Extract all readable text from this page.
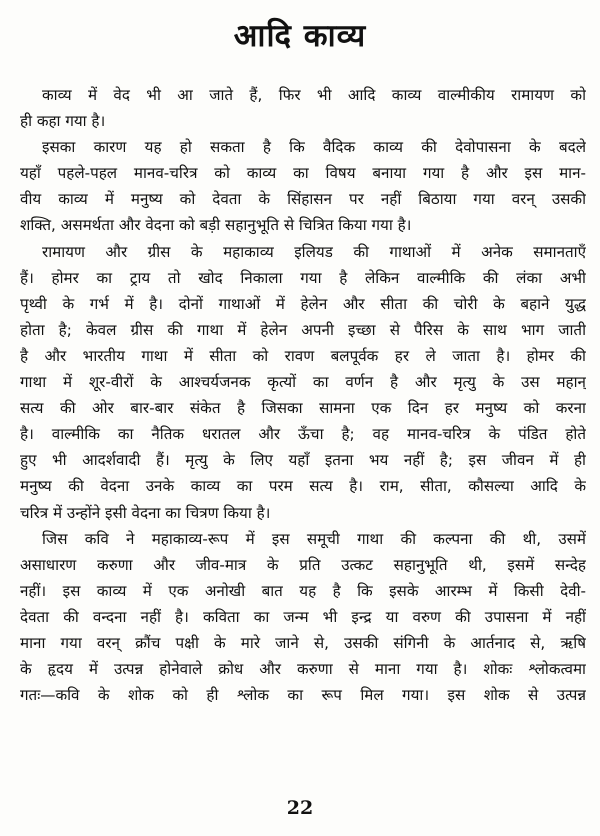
आदि काव्य
काव्य में वेद भी आ जाते हैं, फिर भी आदि काव्य वाल्मीकीय रामायण को
ही कहा गया है।
इसका कारण यह हो सकता है कि वैदिक काव्य की देवोपासना के बदले
यहाँ पहले-पहल मानव-चरित्र को काव्य का विषय बनाया गया है और इस मान-
वीय काव्य में मनुष्य को देवता के सिंहासन पर नहीं बिठाया गया वरन् उसकी
शक्ति, असमर्थता और वेदना को बड़ी सहानुभूति से चित्रित किया गया है।
रामायण और ग्रीस के महाकाव्य इलियड की गाथाओं में अनेक समानताएँ
हैं। होमर का ट्राय तो खोद निकाला गया है लेकिन वाल्मीकि की लंका अभी
पृथ्वी के गर्भ में है। दोनों गाथाओं में हेलेन और सीता की चोरी के बहाने युद्ध
होता है; केवल ग्रीस की गाथा में हेलेन अपनी इच्छा से पैरिस के साथ भाग जाती
है और भारतीय गाथा में सीता को रावण बलपूर्वक हर ले जाता है। होमर की
गाथा में शूर-वीरों के आश्चर्यजनक कृत्यों का वर्णन है और मृत्यु के उस महान्
सत्य की ओर बार-बार संकेत है जिसका सामना एक दिन हर मनुष्य को करना
है। वाल्मीकि का नैतिक धरातल और ऊँचा है; वह मानव-चरित्र के पंडित होते
हुए भी आदर्शवादी हैं। मृत्यु के लिए यहाँ इतना भय नहीं है; इस जीवन में ही
मनुष्य की वेदना उनके काव्य का परम सत्य है। राम, सीता, कौसल्या आदि के
चरित्र में उन्होंने इसी वेदना का चित्रण किया है।
जिस कवि ने महाकाव्य-रूप में इस समूची गाथा की कल्पना की थी, उसमें
असाधारण करुणा और जीव-मात्र के प्रति उत्कट सहानुभूति थी, इसमें सन्देह
नहीं। इस काव्य में एक अनोखी बात यह है कि इसके आरम्भ में किसी देवी-
देवता की वन्दना नहीं है। कविता का जन्म भी इन्द्र या वरुण की उपासना में नहीं
माना गया वरन् क्रौंच पक्षी के मारे जाने से, उसकी संगिनी के आर्तनाद से, ऋषि
के हृदय में उत्पन्न होनेवाले क्रोध और करुणा से माना गया है। शोकः श्लोकत्वमा
गतः—कवि के शोक को ही श्लोक का रूप मिल गया। इस शोक से उत्पन्न
22
